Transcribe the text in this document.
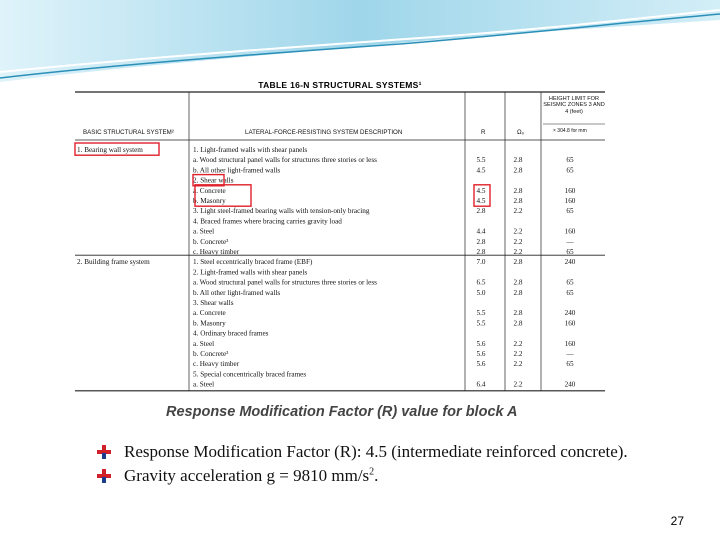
TABLE 16-N STRUCTURAL SYSTEMS¹
BASIC STRUCTURAL SYSTEM²	LATERAL-FORCE-RESISTING SYSTEM DESCRIPTION	R	Ω₀
HEIGHT LIMIT FOR SEISMIC ZONES 3 AND 4 (feet)
× 304.8 for mm
1. Bearing wall system	1. Light-framed walls with shear panels
a. Wood structural panel walls for structures three stories or less	5.5	2.8	65
b. All other light-framed walls	4.5	2.8	65
2. Shear walls
a. Concrete	4.5	2.8	160
b. Masonry	4.5	2.8	160
3. Light steel-framed bearing walls with tension-only bracing	2.8	2.2	65
4. Braced frames where bracing carries gravity load
a. Steel	4.4	2.2	160
b. Concrete³	2.8	2.2	—
c. Heavy timber	2.8	2.2	65
2. Building frame system	1. Steel eccentrically braced frame (EBF)	7.0	2.8	240
2. Light-framed walls with shear panels
a. Wood structural panel walls for structures three stories or less	6.5	2.8	65
b. All other light-framed walls	5.0	2.8	65
3. Shear walls
a. Concrete	5.5	2.8	240
b. Masonry	5.5	2.8	160
4. Ordinary braced frames
a. Steel	5.6	2.2	160
b. Concrete³	5.6	2.2	—
c. Heavy timber	5.6	2.2	65
5. Special concentrically braced frames
a. Steel	6.4	2.2	240
Response Modification Factor (R) value for block A
Response Modification Factor (R): 4.5 (intermediate reinforced concrete).
Gravity acceleration g = 9810 $mm/s^2$.
27
